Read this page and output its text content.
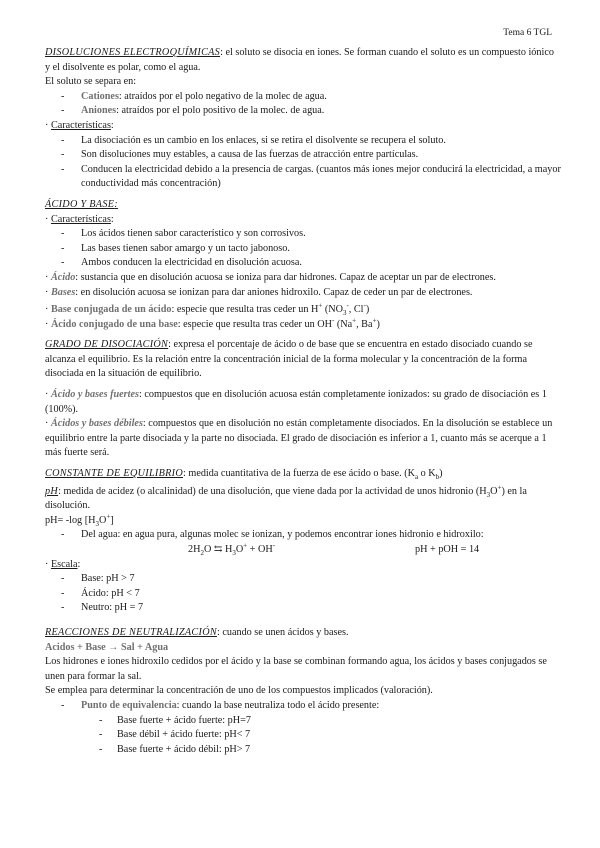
Tema 6 TGL

DISOLUCIONES ELECTROQUÍMICAS: el soluto se disocia en iones. Se forman cuando el soluto es un compuesto iónico y el disolvente es polar, como el agua.

El soluto se separa en:

- Cationes: atraídos por el polo negativo de la molec de agua.

- Aniones: atraídos por el polo positivo de la molec. de agua.

· Características:

- La disociación es un cambio en los enlaces, si se retira el disolvente se recupera el soluto.

- Son disoluciones muy estables, a causa de las fuerzas de atracción entre partículas.

- Conducen la electricidad debido a la presencia de cargas. (cuantos más iones mejor conducirá la electricidad, a mayor conductividad más concentración)

ÁCIDO Y BASE:

· Características:

- Los ácidos tienen sabor característico y son corrosivos.

- Las bases tienen sabor amargo y un tacto jabonoso.

- Ambos conducen la electricidad en disolución acuosa.

· Ácido: sustancia que en disolución acuosa se ioniza para dar hidrones. Capaz de aceptar un par de electrones.

· Bases: en disolución acuosa se ionizan para dar aniones hidroxilo. Capaz de ceder un par de electrones.

· Base conjugada de un ácido: especie que resulta tras ceder un H+ ($NO_3^-$, Cl-)

· Ácido conjugado de una base: especie que resulta tras ceder un OH- (Na+, Ba+)

GRADO DE DISOCIACIÓN: expresa el porcentaje de ácido o de base que se encuentra en estado disociado cuando se alcanza el equilibrio. Es la relación entre la concentración inicial de la forma molecular y la concentración de la forma disociada en la situación de equilibrio.

· Ácido y bases fuertes: compuestos que en disolución acuosa están completamente ionizados: su grado de disociación es 1 (100%).

· Ácidos y bases débiles: compuestos que en disolución no están completamente disociados. En la disolución se establece un equilibrio entre la parte disociada y la parte no disociada. El grado de disociación es inferior a 1, cuanto más se acerque a 1 más fuerte será.

CONSTANTE DE EQUILIBRIO: medida cuantitativa de la fuerza de ese ácido o base. ($K_a$ o $K_b$)

pH: medida de acidez (o alcalinidad) de una disolución, que viene dada por la actividad de unos hidronio $(H_3O^+)$ en la disolución.

pH= -log $[H_3O^+]$

- Del agua: en agua pura, algunas molec se ionizan, y podemos encontrar iones hidronio e hidroxilo:

$2H_2O$ ⇆ $H_3O^+ + OH^-$	pH + pOH = 14

· Escala:

- Base: pH > 7

- Ácido: pH < 7

- Neutro: pH = 7

REACCIONES DE NEUTRALIZACIÓN: cuando se unen ácidos y bases.

Acidos + Base → Sal + Agua

Los hidrones e iones hidroxilo cedidos por el ácido y la base se combinan formando agua, los ácidos y bases conjugados se unen para formar la sal.

Se emplea para determinar la concentración de uno de los compuestos implicados (valoración).

- Punto de equivalencia: cuando la base neutraliza todo el ácido presente:

- Base fuerte + ácido fuerte: pH=7

- Base débil + ácido fuerte: pH< 7

- Base fuerte + ácido débil: pH> 7
